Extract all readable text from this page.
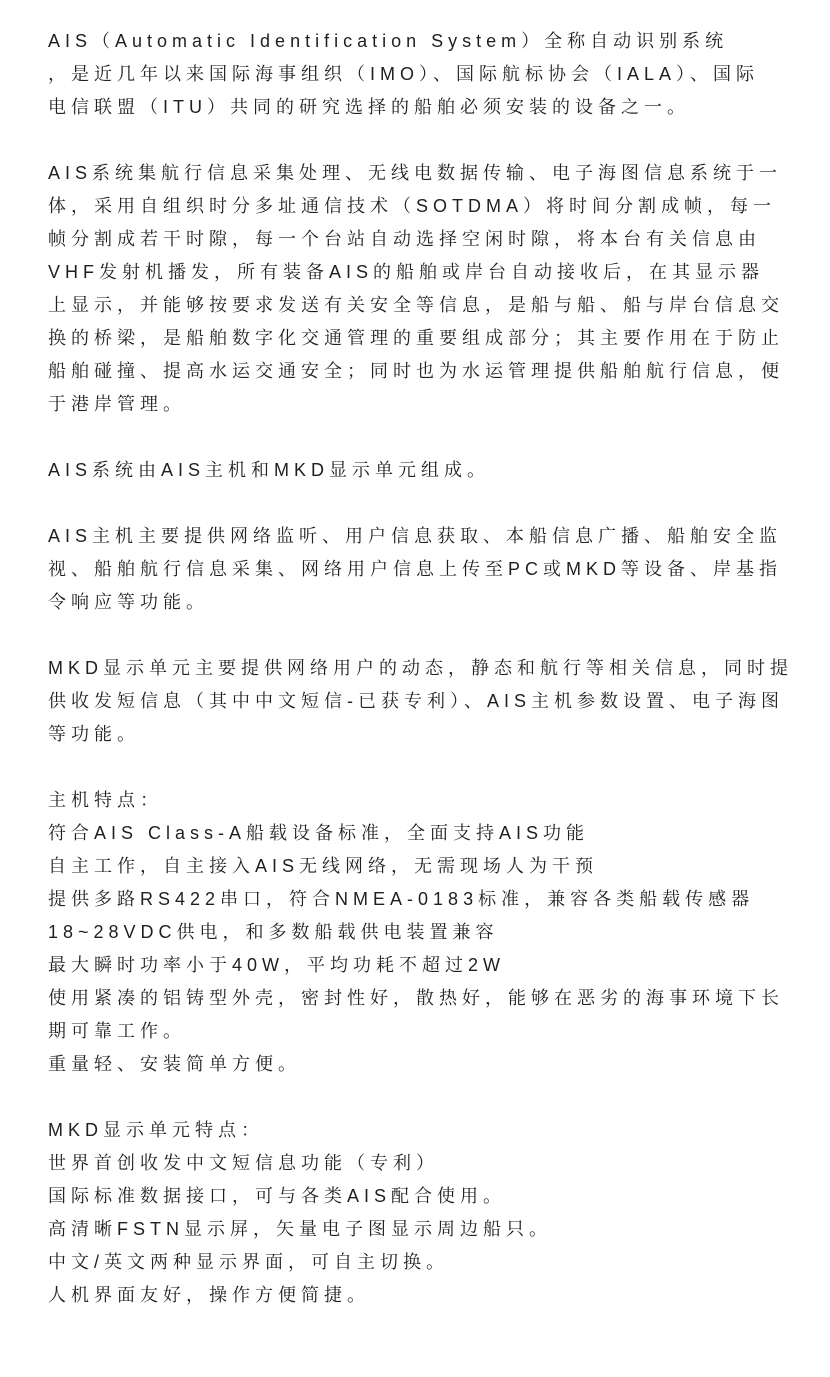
AIS（Automatic Identification System）全称自动识别系统
，是近几年以来国际海事组织（IMO）、国际航标协会（IALA）、国际
电信联盟（ITU）共同的研究选择的船舶必须安装的设备之一。
AIS系统集航行信息采集处理、无线电数据传输、电子海图信息系统于一
体，采用自组织时分多址通信技术（SOTDMA）将时间分割成帧，每一
帧分割成若干时隙，每一个台站自动选择空闲时隙，将本台有关信息由
VHF发射机播发，所有装备AIS的船舶或岸台自动接收后，在其显示器
上显示，并能够按要求发送有关安全等信息，是船与船、船与岸台信息交
换的桥梁，是船舶数字化交通管理的重要组成部分；其主要作用在于防止
船舶碰撞、提高水运交通安全；同时也为水运管理提供船舶航行信息，便
于港岸管理。
AIS系统由AIS主机和MKD显示单元组成。
AIS主机主要提供网络监听、用户信息获取、本船信息广播、船舶安全监
视、船舶航行信息采集、网络用户信息上传至PC或MKD等设备、岸基指
令响应等功能。
MKD显示单元主要提供网络用户的动态，静态和航行等相关信息，同时提
供收发短信息（其中中文短信-已获专利）、AIS主机参数设置、电子海图
等功能。
主机特点：
符合AIS Class-A船载设备标准，全面支持AIS功能
自主工作，自主接入AIS无线网络，无需现场人为干预
提供多路RS422串口，符合NMEA-0183标准，兼容各类船载传感器
18~28VDC供电，和多数船载供电装置兼容
最大瞬时功率小于40W，平均功耗不超过2W
使用紧凑的铝铸型外壳，密封性好，散热好，能够在恶劣的海事环境下长
期可靠工作。
重量轻、安装简单方便。
MKD显示单元特点：
世界首创收发中文短信息功能（专利）
国际标准数据接口，可与各类AIS配合使用。
高清晰FSTN显示屏，矢量电子图显示周边船只。
中文/英文两种显示界面，可自主切换。
人机界面友好，操作方便简捷。
